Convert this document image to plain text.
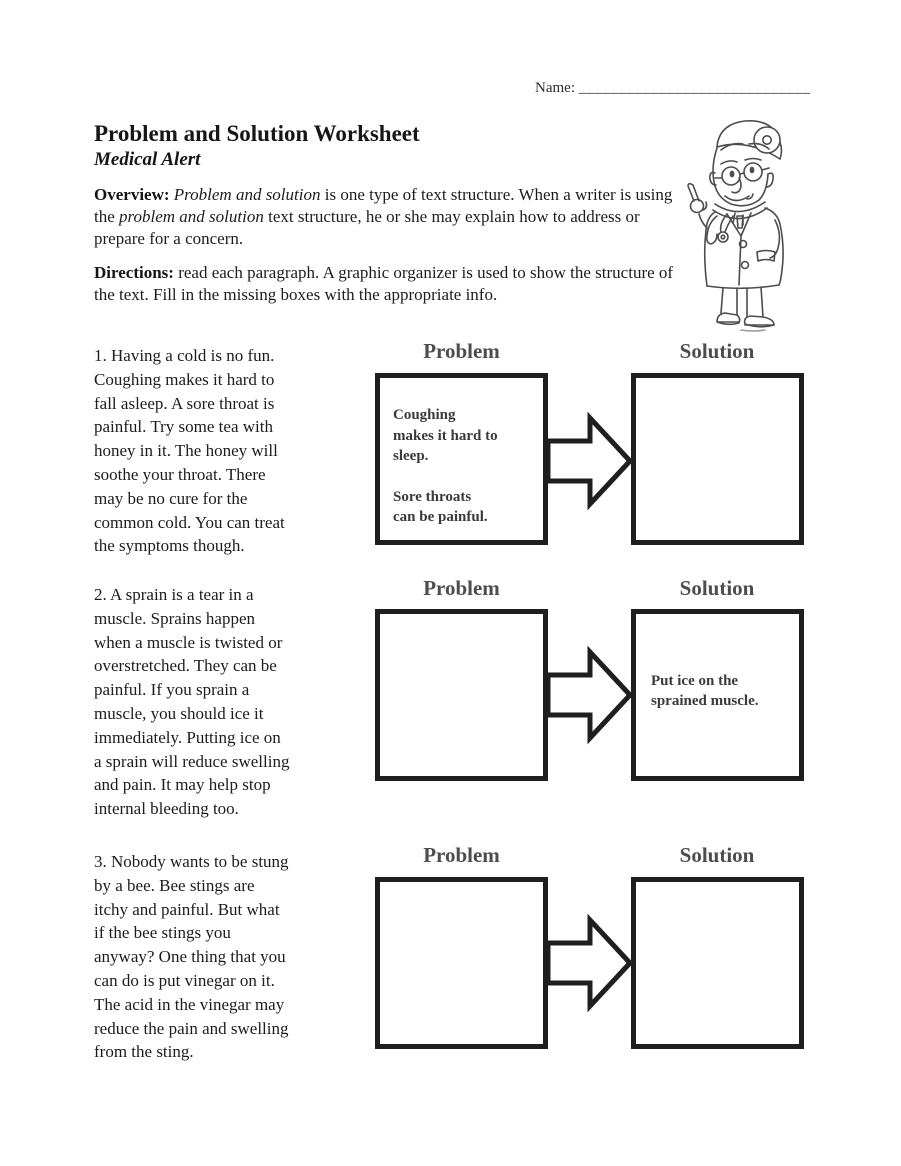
Name: _____________________________
Problem and Solution Worksheet
Medical Alert
Overview: Problem and solution is one type of text structure. When a writer is using the problem and solution text structure, he or she may explain how to address or prepare for a concern.
Directions: read each paragraph. A graphic organizer is used to show the structure of the text. Fill in the missing boxes with the appropriate info.
Problem	Solution

Coughing
makes it hard to
sleep.

Sore throats
can be painful.

Problem	Solution

Put ice on the
sprained muscle.

Problem	Solution
1. Having a cold is no fun.
Coughing makes it hard to
fall asleep. A sore throat is
painful. Try some tea with
honey in it. The honey will
soothe your throat. There
may be no cure for the
common cold. You can treat
the symptoms though.
2. A sprain is a tear in a
muscle. Sprains happen
when a muscle is twisted or
overstretched. They can be
painful. If you sprain a
muscle, you should ice it
immediately. Putting ice on
a sprain will reduce swelling
and pain. It may help stop
internal bleeding too.
3. Nobody wants to be stung
by a bee. Bee stings are
itchy and painful. But what
if the bee stings you
anyway? One thing that you
can do is put vinegar on it.
The acid in the vinegar may
reduce the pain and swelling
from the sting.
